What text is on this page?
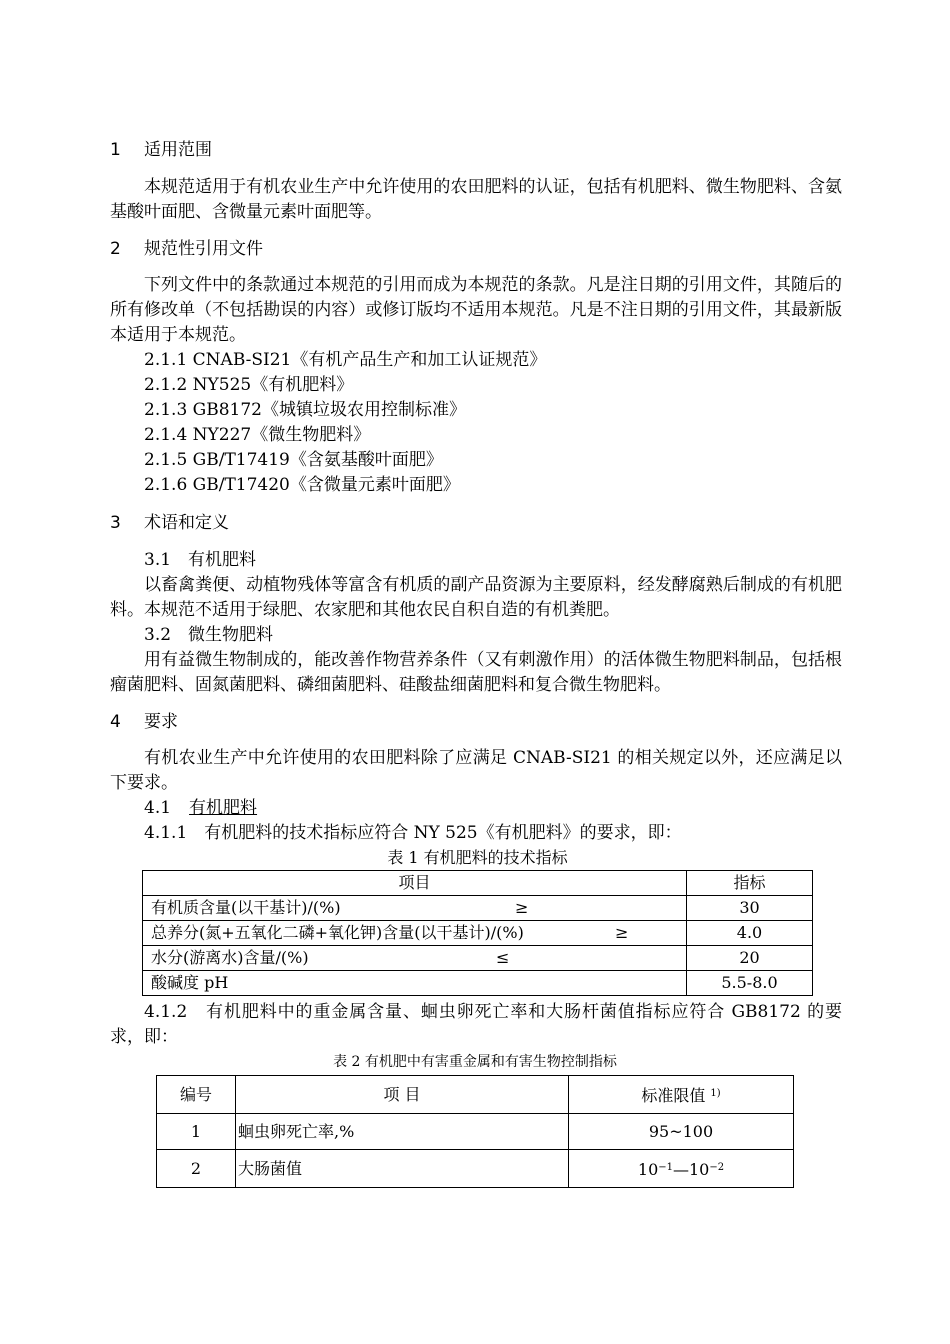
1 适用范围
本规范适用于有机农业生产中允许使用的农田肥料的认证，包括有机肥料、微生物肥料、含氨基酸叶面肥、含微量元素叶面肥等。
2 规范性引用文件
下列文件中的条款通过本规范的引用而成为本规范的条款。凡是注日期的引用文件，其随后的所有修改单（不包括勘误的内容）或修订版均不适用本规范。凡是不注日期的引用文件，其最新版本适用于本规范。
2.1.1 CNAB-SI21《有机产品生产和加工认证规范》
2.1.2 NY525《有机肥料》
2.1.3 GB8172《城镇垃圾农用控制标准》
2.1.4 NY227《微生物肥料》
2.1.5 GB/T17419《含氨基酸叶面肥》
2.1.6 GB/T17420《含微量元素叶面肥》
3 术语和定义
3.1　有机肥料
以畜禽粪便、动植物残体等富含有机质的副产品资源为主要原料，经发酵腐熟后制成的有机肥料。本规范不适用于绿肥、农家肥和其他农民自积自造的有机粪肥。
3.2　微生物肥料
用有益微生物制成的，能改善作物营养条件（又有刺激作用）的活体微生物肥料制品，包括根瘤菌肥料、固氮菌肥料、磷细菌肥料、硅酸盐细菌肥料和复合微生物肥料。
4 要求
有机农业生产中允许使用的农田肥料除了应满足 CNAB-SI21 的相关规定以外，还应满足以下要求。
4.1 有机肥料
4.1.1　有机肥料的技术指标应符合 NY 525《有机肥料》的要求，即：
表 1 有机肥料的技术指标
项目	指标
有机质含量(以干基计)/(%) ≥	30
总养分(氮+五氧化二磷+氧化钾)含量(以干基计)/(%) ≥	4.0
水分(游离水)含量/(%) ≤	20
酸碱度 pH	5.5-8.0
4.1.2　有机肥料中的重金属含量、蛔虫卵死亡率和大肠杆菌值指标应符合 GB8172 的要求，即：
表 2 有机肥中有害重金属和有害生物控制指标
编号	项 目	标准限值 $^{1)}$
1	蛔虫卵死亡率,%	95~100
2	大肠菌值	$10^{-1}—10^{-2}$
